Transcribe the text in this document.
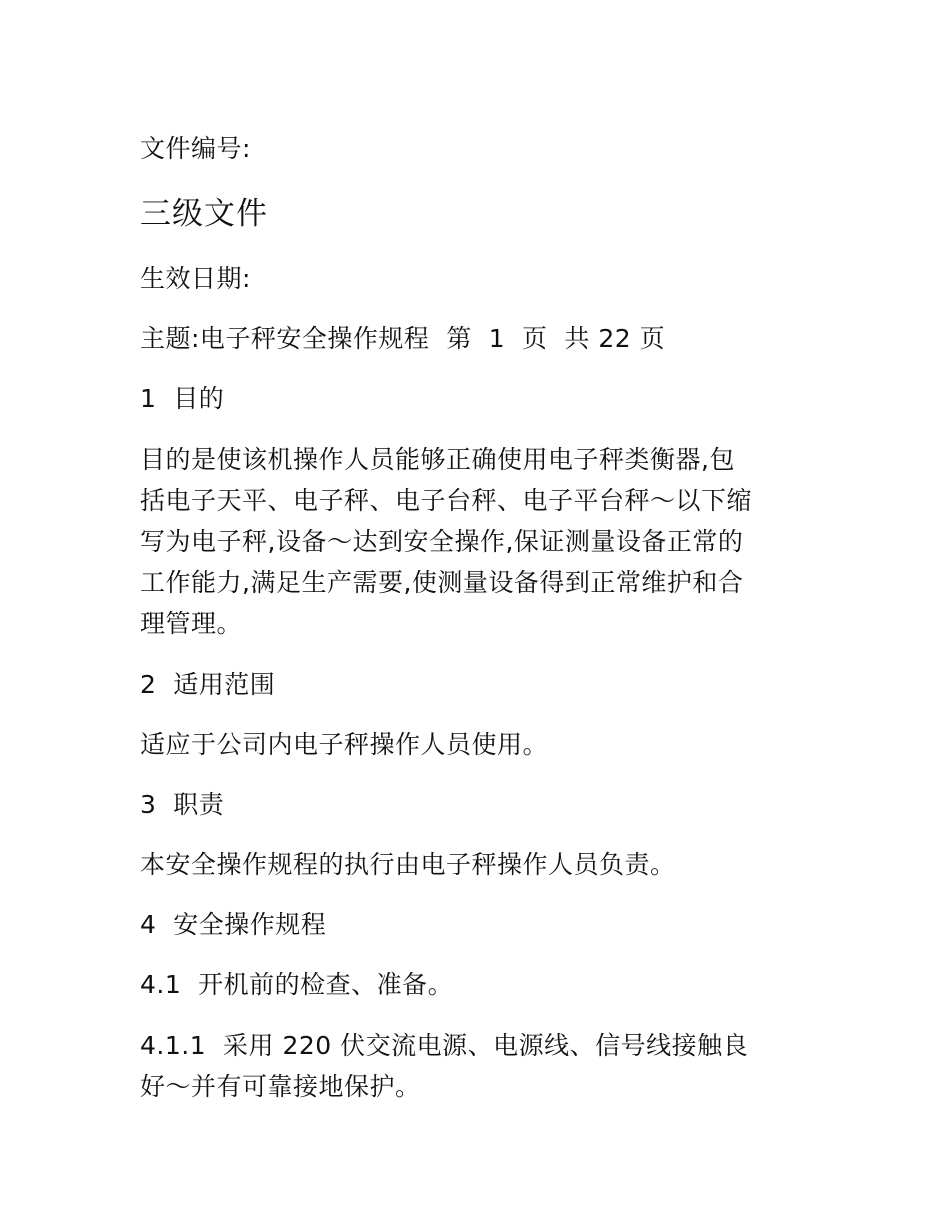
文件编号:
三级文件
生效日期:
主题:电子秤安全操作规程  第  1  页  共 22 页
1  目的
目的是使该机操作人员能够正确使用电子秤类衡器,包
括电子天平、电子秤、电子台秤、电子平台秤～以下缩
写为电子秤,设备～达到安全操作,保证测量设备正常的
工作能力,满足生产需要,使测量设备得到正常维护和合
理管理。
2  适用范围
适应于公司内电子秤操作人员使用。
3  职责
本安全操作规程的执行由电子秤操作人员负责。
4  安全操作规程
4.1  开机前的检查、准备。
4.1.1  采用 220 伏交流电源、电源线、信号线接触良
好～并有可靠接地保护。
